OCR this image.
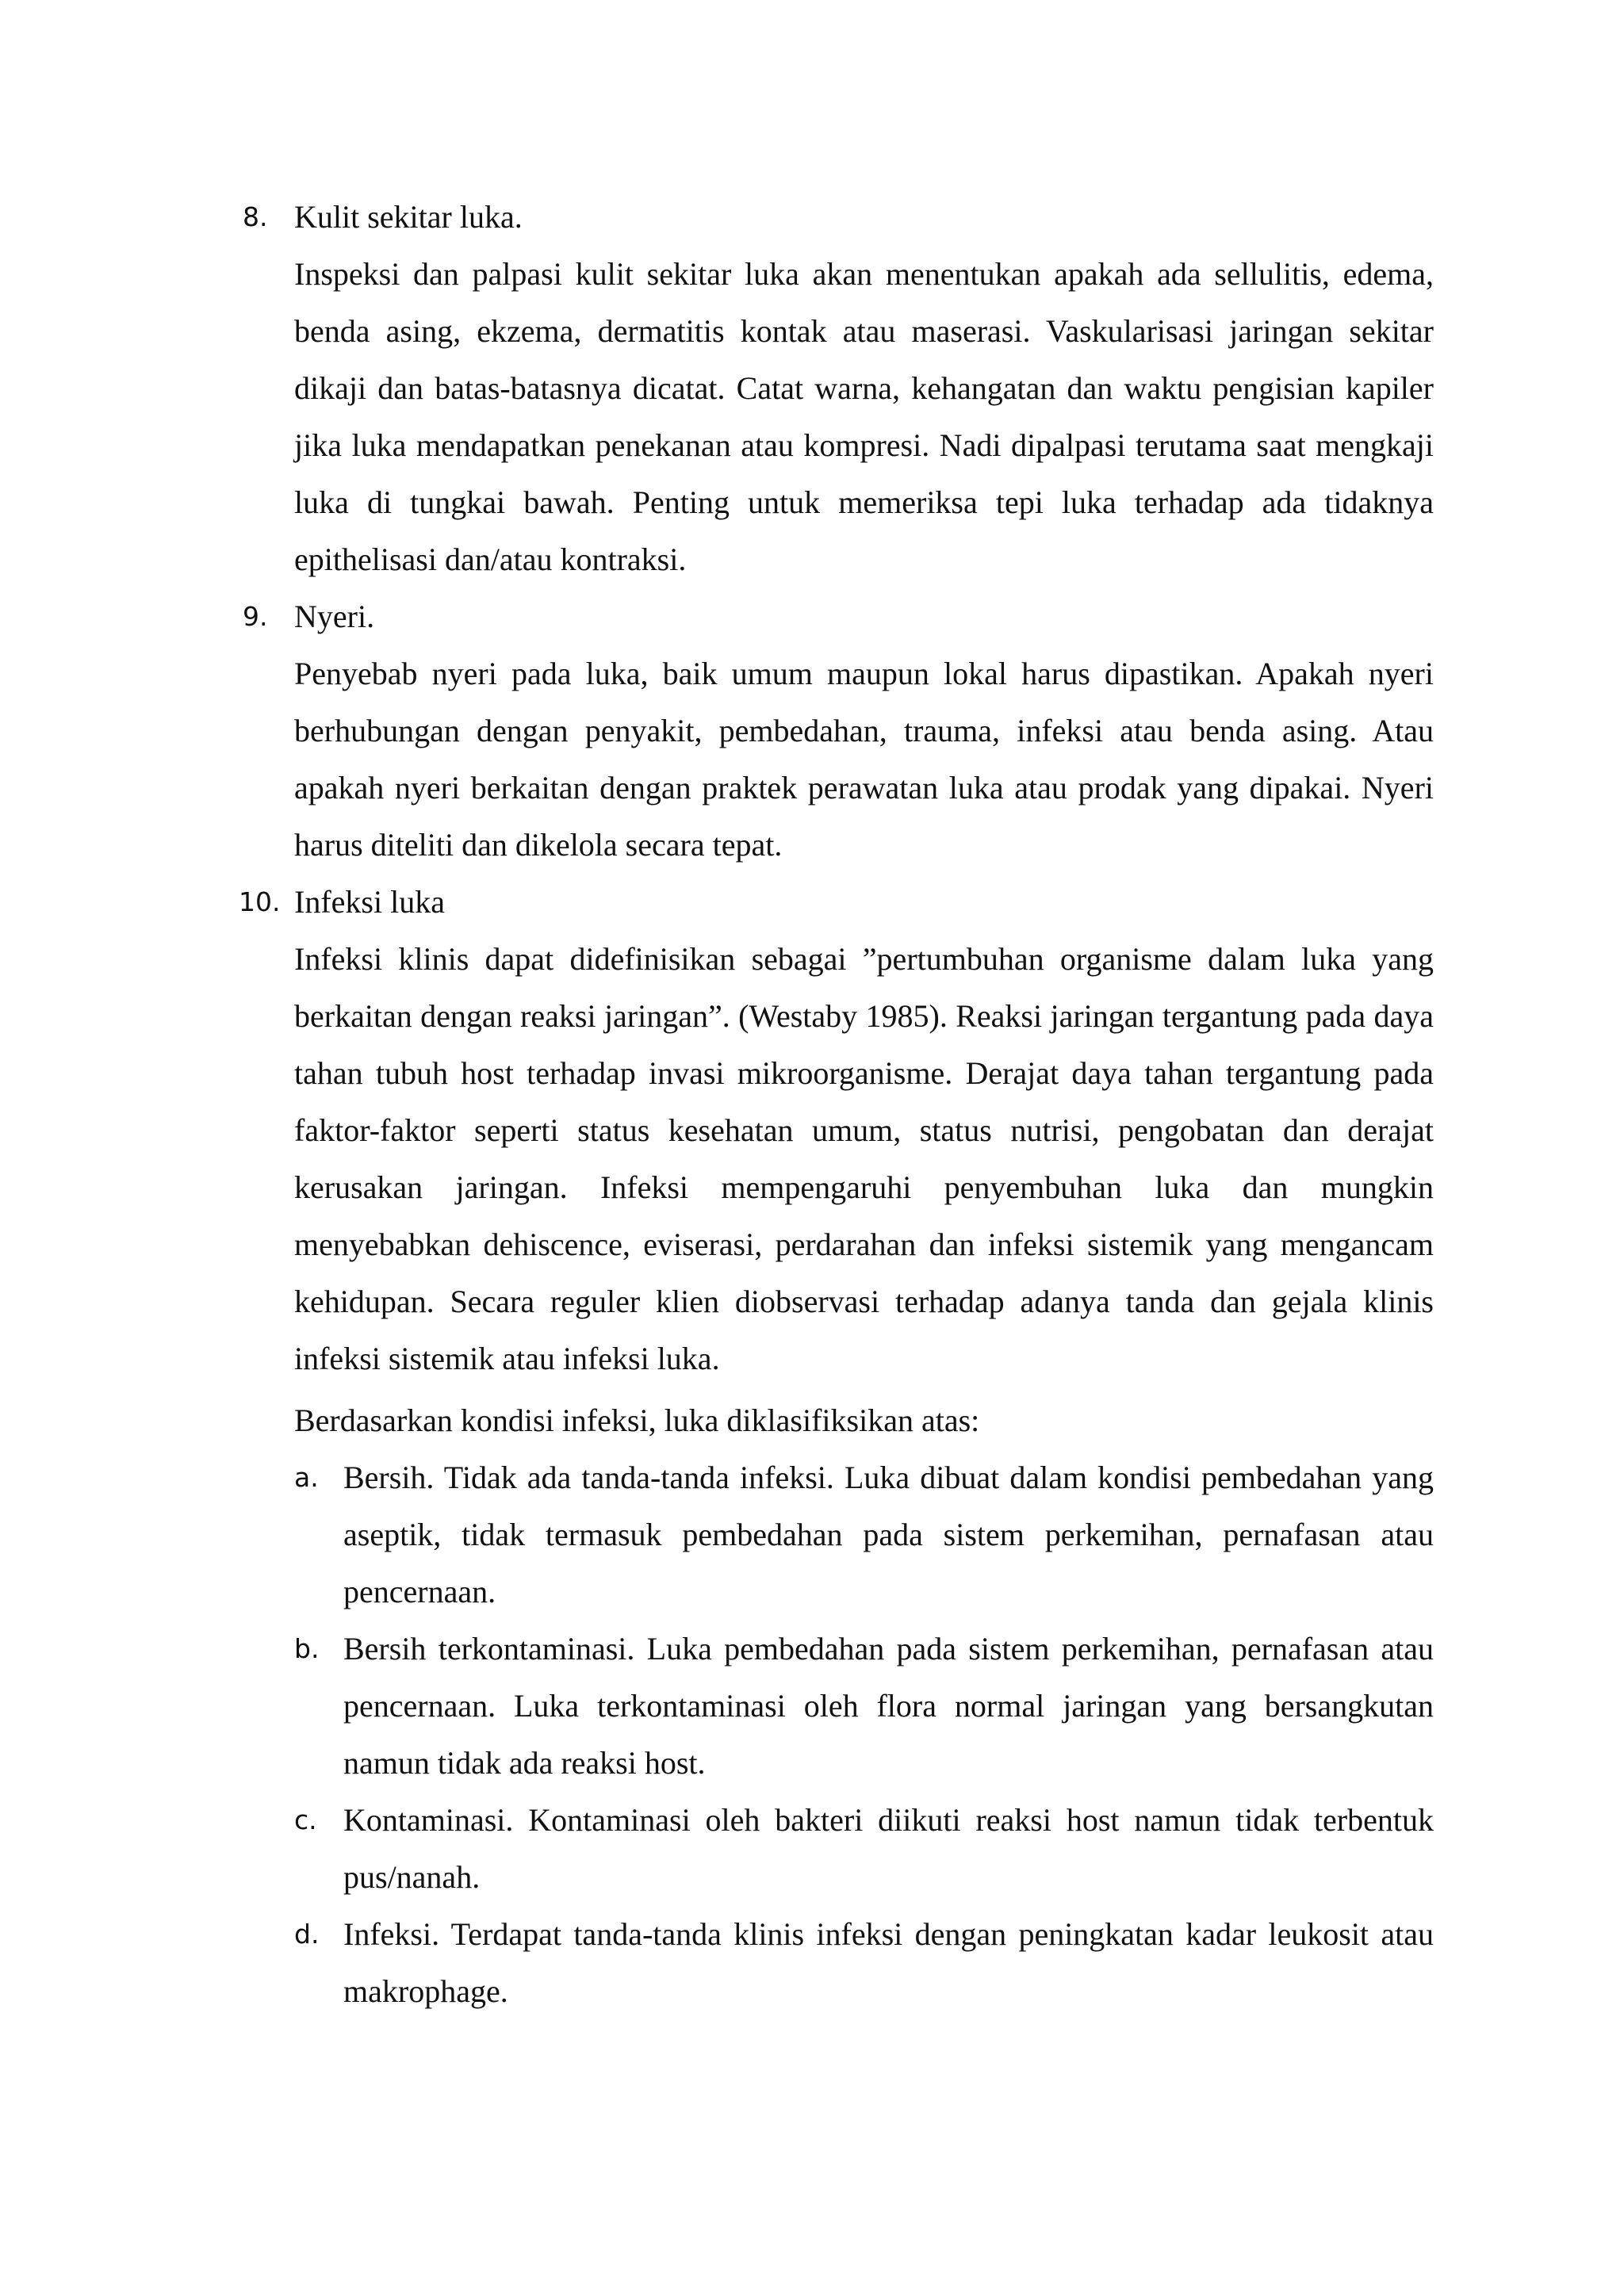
8. Kulit sekitar luka.

Inspeksi dan palpasi kulit sekitar luka akan menentukan apakah ada sellulitis, edema, benda asing, ekzema, dermatitis kontak atau maserasi. Vaskularisasi jaringan sekitar dikaji dan batas-batasnya dicatat. Catat warna, kehangatan dan waktu pengisian kapiler jika luka mendapatkan penekanan atau kompresi. Nadi dipalpasi terutama saat mengkaji luka di tungkai bawah. Penting untuk memeriksa tepi luka terhadap ada tidaknya epithelisasi dan/atau kontraksi.

9. Nyeri.

Penyebab nyeri pada luka, baik umum maupun lokal harus dipastikan. Apakah nyeri berhubungan dengan penyakit, pembedahan, trauma, infeksi atau benda asing. Atau apakah nyeri berkaitan dengan praktek perawatan luka atau prodak yang dipakai. Nyeri harus diteliti dan dikelola secara tepat.

10. Infeksi luka

Infeksi klinis dapat didefinisikan sebagai ”pertumbuhan organisme dalam luka yang berkaitan dengan reaksi jaringan”. (Westaby 1985). Reaksi jaringan tergantung pada daya tahan tubuh host terhadap invasi mikroorganisme. Derajat daya tahan tergantung pada faktor-faktor seperti status kesehatan umum, status nutrisi, pengobatan dan derajat kerusakan jaringan. Infeksi mempengaruhi penyembuhan luka dan mungkin menyebabkan dehiscence, eviserasi, perdarahan dan infeksi sistemik yang mengancam kehidupan. Secara reguler klien diobservasi terhadap adanya tanda dan gejala klinis infeksi sistemik atau infeksi luka.

Berdasarkan kondisi infeksi, luka diklasifiksikan atas:

a. Bersih. Tidak ada tanda-tanda infeksi. Luka dibuat dalam kondisi pembedahan yang aseptik, tidak termasuk pembedahan pada sistem perkemihan, pernafasan atau pencernaan.

b. Bersih terkontaminasi. Luka pembedahan pada sistem perkemihan, pernafasan atau pencernaan. Luka terkontaminasi oleh flora normal jaringan yang bersangkutan namun tidak ada reaksi host.

c. Kontaminasi. Kontaminasi oleh bakteri diikuti reaksi host namun tidak terbentuk pus/nanah.

d. Infeksi. Terdapat tanda-tanda klinis infeksi dengan peningkatan kadar leukosit atau makrophage.
